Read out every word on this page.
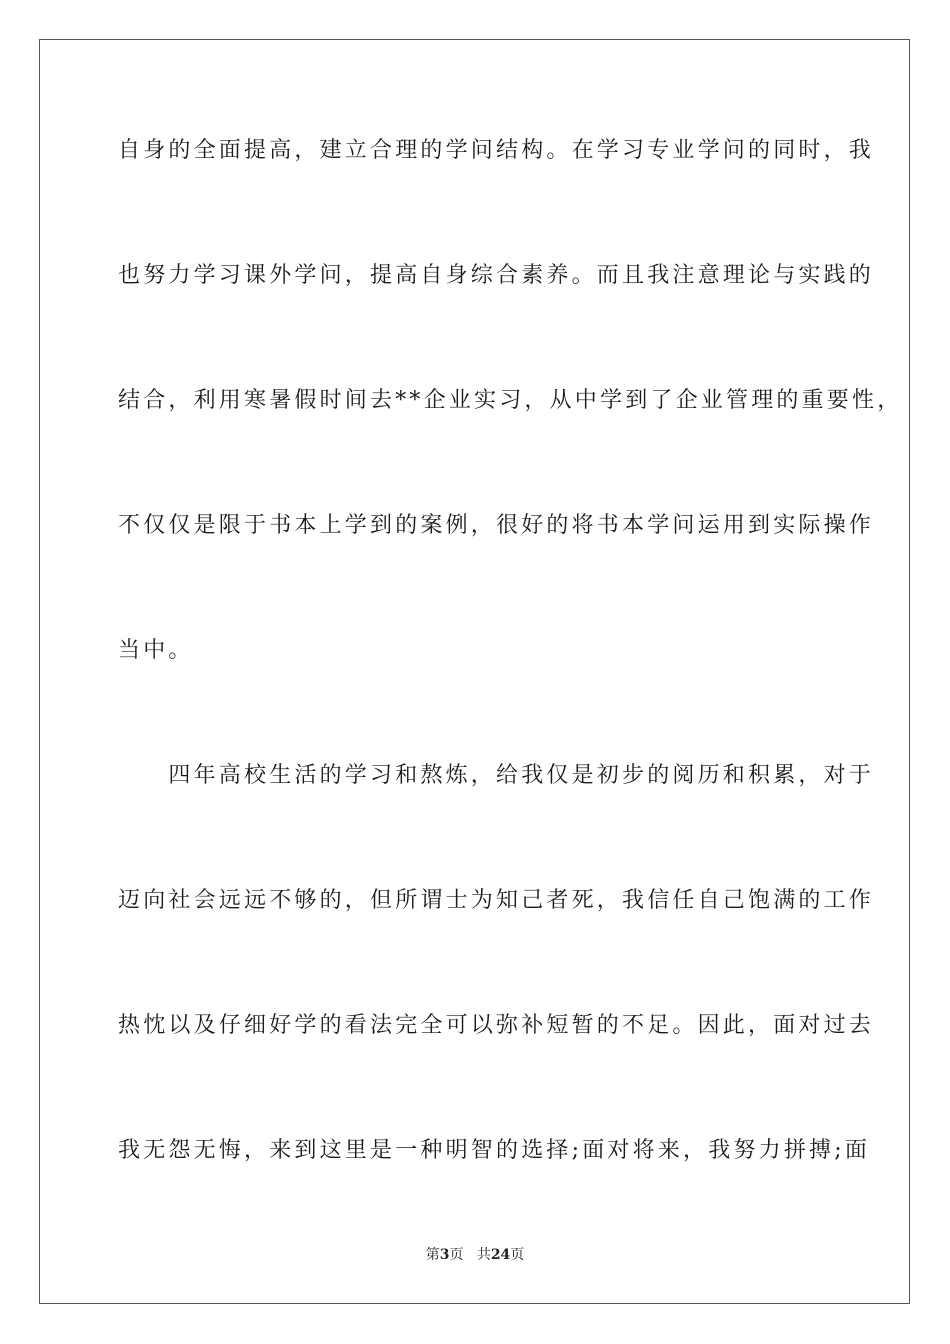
自身的全面提高，建立合理的学问结构。在学习专业学问的同时，我
也努力学习课外学问，提高自身综合素养。而且我注意理论与实践的
结合，利用寒暑假时间去**企业实习，从中学到了企业管理的重要性，
不仅仅是限于书本上学到的案例，很好的将书本学问运用到实际操作
当中。
　　四年高校生活的学习和熬炼，给我仅是初步的阅历和积累，对于
迈向社会远远不够的，但所谓士为知己者死，我信任自己饱满的工作
热忱以及仔细好学的看法完全可以弥补短暂的不足。因此，面对过去
我无怨无悔，来到这里是一种明智的选择;面对将来，我努力拼搏;面
第3页 共24页
